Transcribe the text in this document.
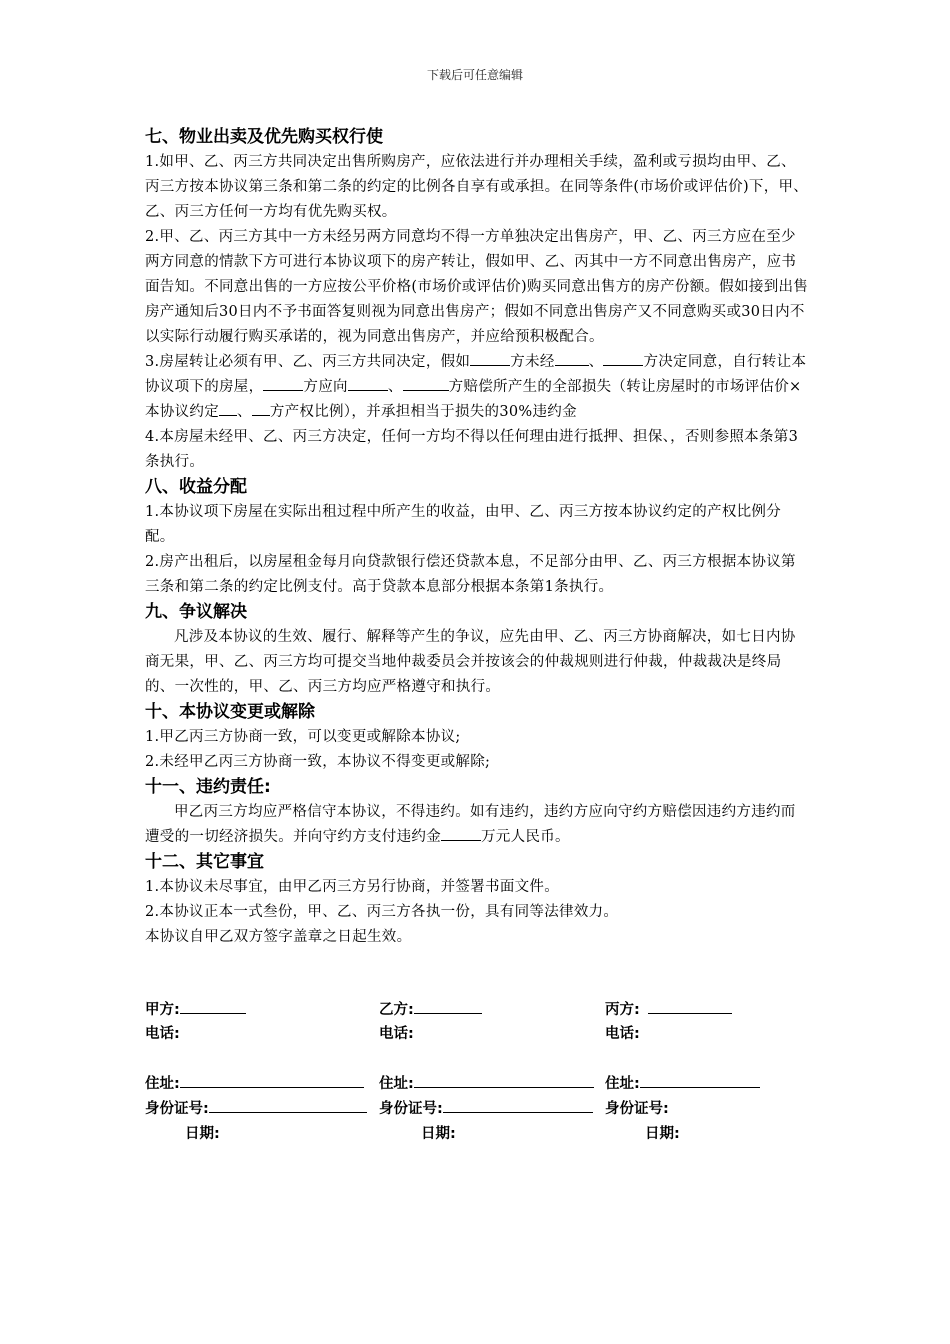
下载后可任意编辑
七、物业出卖及优先购买权行使

1.如甲、乙、丙三方共同决定出售所购房产，应依法进行并办理相关手续，盈利或亏损均由甲、乙、丙三方按本协议第三条和第二条的约定的比例各自享有或承担。在同等条件(市场价或评估价)下，甲、乙、丙三方任何一方均有优先购买权。

2.甲、乙、丙三方其中一方未经另两方同意均不得一方单独决定出售房产，甲、乙、丙三方应在至少两方同意的情款下方可进行本协议项下的房产转让，假如甲、乙、丙其中一方不同意出售房产，应书面告知。不同意出售的一方应按公平价格(市场价或评估价)购买同意出售方的房产份额。假如接到出售房产通知后30日内不予书面答复则视为同意出售房产；假如不同意出售房产又不同意购买或30日内不以实际行动履行购买承诺的，视为同意出售房产，并应给预积极配合。

3.房屋转让必须有甲、乙、丙三方共同决定，假如	方未经 、	方决定同意，自行转让本协议项下的房屋，	方应向	、	方赔偿所产生的全部损失（转让房屋时的市场评估价×本协议约定 、 方产权比例），并承担相当于损失的30%违约金

4.本房屋未经甲、乙、丙三方决定，任何一方均不得以任何理由进行抵押、担保、，否则参照本条第3条执行。

八、收益分配

1.本协议项下房屋在实际出租过程中所产生的收益，由甲、乙、丙三方按本协议约定的产权比例分配。

2.房产出租后，以房屋租金每月向贷款银行偿还贷款本息，不足部分由甲、乙、丙三方根据本协议第三条和第二条的约定比例支付。高于贷款本息部分根据本条第1条执行。

九、争议解决

凡涉及本协议的生效、履行、解释等产生的争议，应先由甲、乙、丙三方协商解决，如七日内协商无果，甲、乙、丙三方均可提交当地仲裁委员会并按该会的仲裁规则进行仲裁，仲裁裁决是终局的、一次性的，甲、乙、丙三方均应严格遵守和执行。

十、本协议变更或解除

1.甲乙丙三方协商一致，可以变更或解除本协议;

2.未经甲乙丙三方协商一致，本协议不得变更或解除;

十一、违约责任:

甲乙丙三方均应严格信守本协议，不得违约。如有违约，违约方应向守约方赔偿因违约方违约而遭受的一切经济损失。并向守约方支付违约金	万元人民币。

十二、其它事宜

1.本协议未尽事宜，由甲乙丙三方另行协商，并签署书面文件。

2.本协议正本一式叁份，甲、乙、丙三方各执一份，具有同等法律效力。

本协议自甲乙双方签字盖章之日起生效。

甲方:	乙方:	丙方:
电话:	电话:	电话:
住址:	住址:	住址:
身份证号:	身份证号:	身份证号:
日期:	日期:	日期:
